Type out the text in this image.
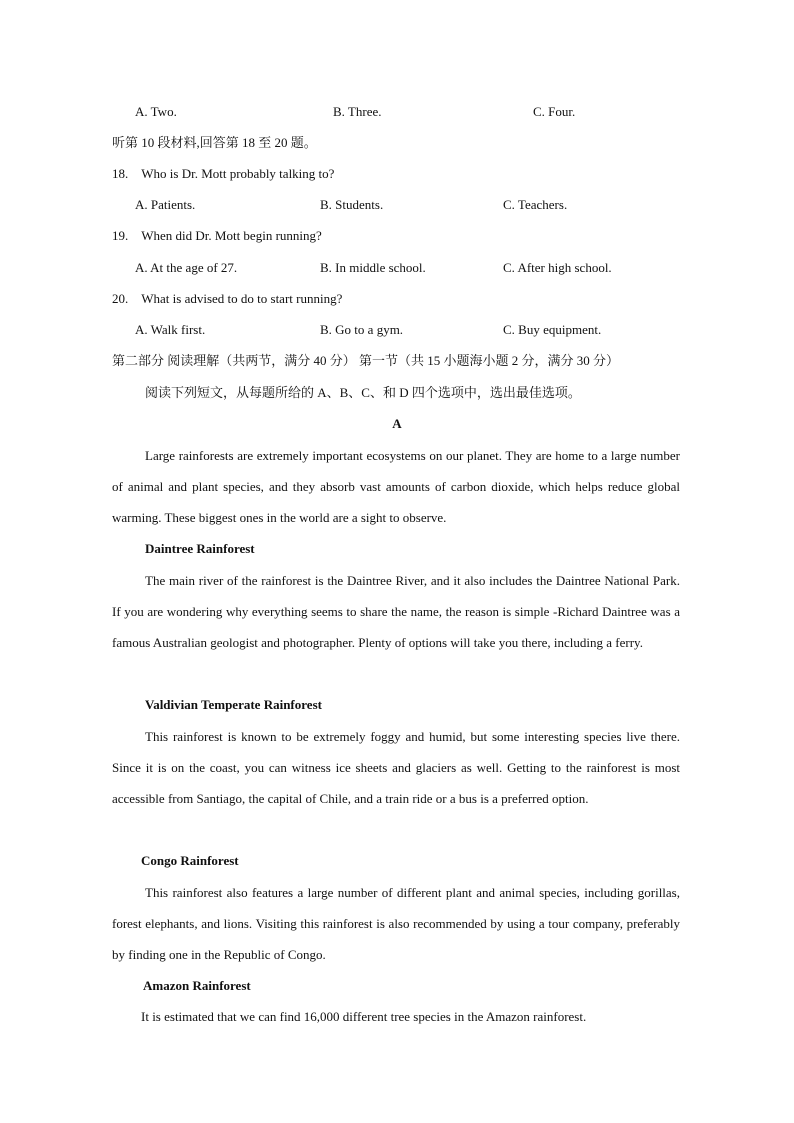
A. Two.	B. Three.	C. Four.
听第 10 段材料,回答第 18 至 20 题。
18. Who is Dr. Mott probably talking to?
A. Patients.	B. Students.	C. Teachers.
19. When did Dr. Mott begin running?
A. At the age of 27.	B. In middle school.	C. After high school.
20. What is advised to do to start running?
A. Walk first.	B. Go to a gym.	C. Buy equipment.
第二部分 阅读理解（共两节，满分 40 分） 第一节（共 15 小题海小题 2 分，满分 30 分）
阅读下列短文，从每题所给的 A、B、C、和 D 四个选项中，选出最佳选项。
A
Large rainforests are extremely important ecosystems on our planet. They are home to a large number of animal and plant species, and they absorb vast amounts of carbon dioxide, which helps reduce global warming. These biggest ones in the world are a sight to observe.
Daintree Rainforest
The main river of the rainforest is the Daintree River, and it also includes the Daintree National Park. If you are wondering why everything seems to share the name, the reason is simple -Richard Daintree was a famous Australian geologist and photographer. Plenty of options will take you there, including a ferry.
Valdivian Temperate Rainforest
This rainforest is known to be extremely foggy and humid, but some interesting species live there. Since it is on the coast, you can witness ice sheets and glaciers as well. Getting to the rainforest is most accessible from Santiago, the capital of Chile, and a train ride or a bus is a preferred option.
Congo Rainforest
This rainforest also features a large number of different plant and animal species, including gorillas, forest elephants, and lions. Visiting this rainforest is also recommended by using a tour company, preferably by finding one in the Republic of Congo.
Amazon Rainforest
It is estimated that we can find 16,000 different tree species in the Amazon rainforest.
